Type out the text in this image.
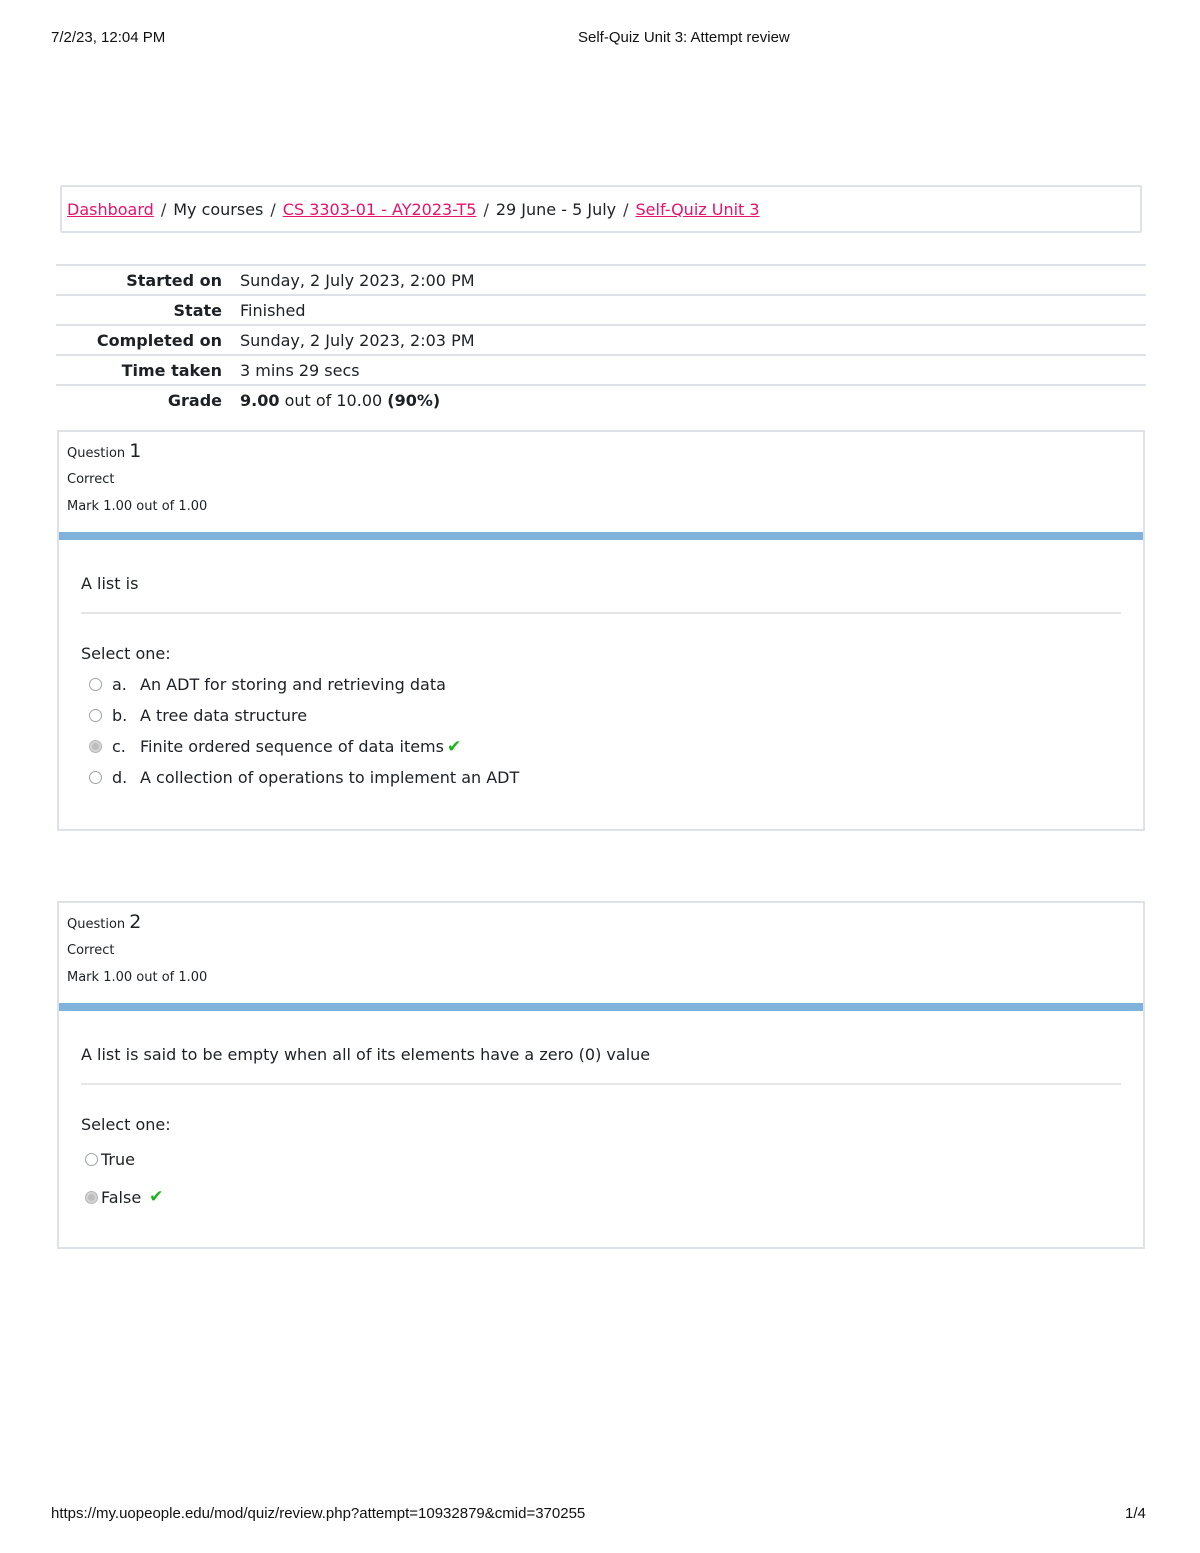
7/2/23, 12:04 PM	Self-Quiz Unit 3: Attempt review
Dashboard / My courses / CS 3303-01 - AY2023-T5 / 29 June - 5 July / Self-Quiz Unit 3
Started on	Sunday, 2 July 2023, 2:00 PM
State	Finished
Completed on	Sunday, 2 July 2023, 2:03 PM
Time taken	3 mins 29 secs
Grade	9.00 out of 10.00 (90%)
Question 1
Correct
Mark 1.00 out of 1.00
A list is
Select one:
a. An ADT for storing and retrieving data
b. A tree data structure
c. Finite ordered sequence of data items ✔
d. A collection of operations to implement an ADT
Question 2
Correct
Mark 1.00 out of 1.00
A list is said to be empty when all of its elements have a zero (0) value
Select one:
True
False ✔
https://my.uopeople.edu/mod/quiz/review.php?attempt=10932879&cmid=370255	1/4
